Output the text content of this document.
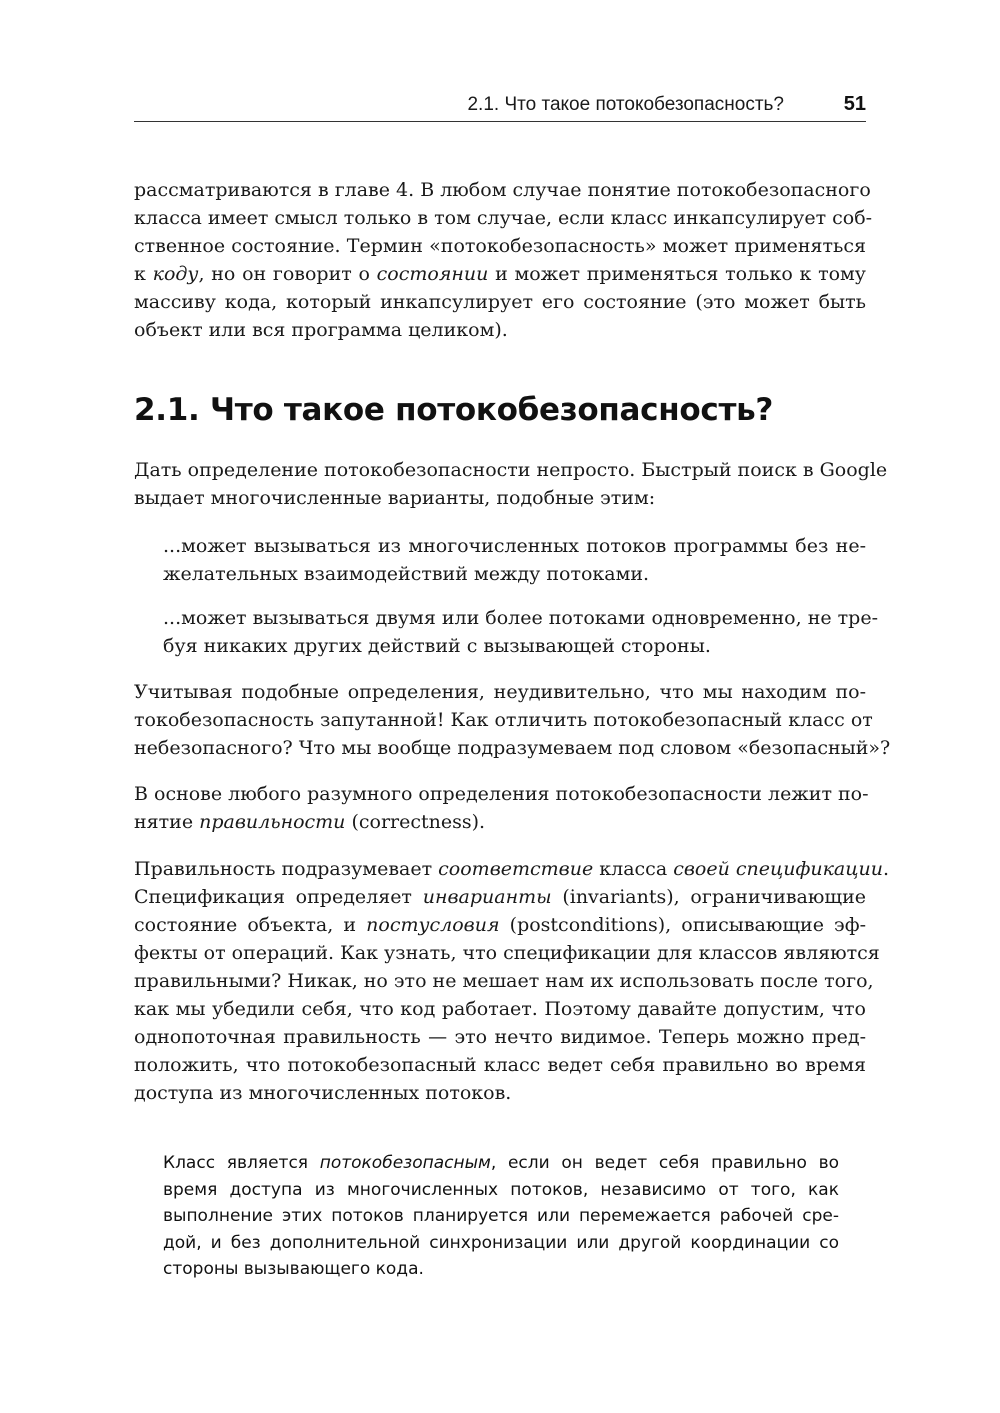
2.1. Что такое потокобезопасность?	51
рассматриваются в главе 4. В любом случае понятие потокобезопасного
класса имеет смысл только в том случае, если класс инкапсулирует соб-
ственное состояние. Термин «потокобезопасность» может применяться
к коду, но он говорит о состоянии и может применяться только к тому
массиву кода, который инкапсулирует его состояние (это может быть
объект или вся программа целиком).
2.1. Что такое потокобезопасность?
Дать определение потокобезопасности непросто. Быстрый поиск в Google
выдает многочисленные варианты, подобные этим:
...может вызываться из многочисленных потоков программы без не-
желательных взаимодействий между потоками.
...может вызываться двумя или более потоками одновременно, не тре-
буя никаких других действий с вызывающей стороны.
Учитывая подобные определения, неудивительно, что мы находим по-
токобезопасность запутанной! Как отличить потокобезопасный класс от
небезопасного? Что мы вообще подразумеваем под словом «безопасный»?
В основе любого разумного определения потокобезопасности лежит по-
нятие правильности (correctness).
Правильность подразумевает соответствие класса своей спецификации.
Спецификация определяет инварианты (invariants), ограничивающие
состояние объекта, и постусловия (postconditions), описывающие эф-
фекты от операций. Как узнать, что спецификации для классов являются
правильными? Никак, но это не мешает нам их использовать после того,
как мы убедили себя, что код работает. Поэтому давайте допустим, что
однопоточная правильность — это нечто видимое. Теперь можно пред-
положить, что потокобезопасный класс ведет себя правильно во время
доступа из многочисленных потоков.
Класс является потокобезопасным, если он ведет себя правильно во
время доступа из многочисленных потоков, независимо от того, как
выполнение этих потоков планируется или перемежается рабочей сре-
дой, и без дополнительной синхронизации или другой координации со
стороны вызывающего кода.
